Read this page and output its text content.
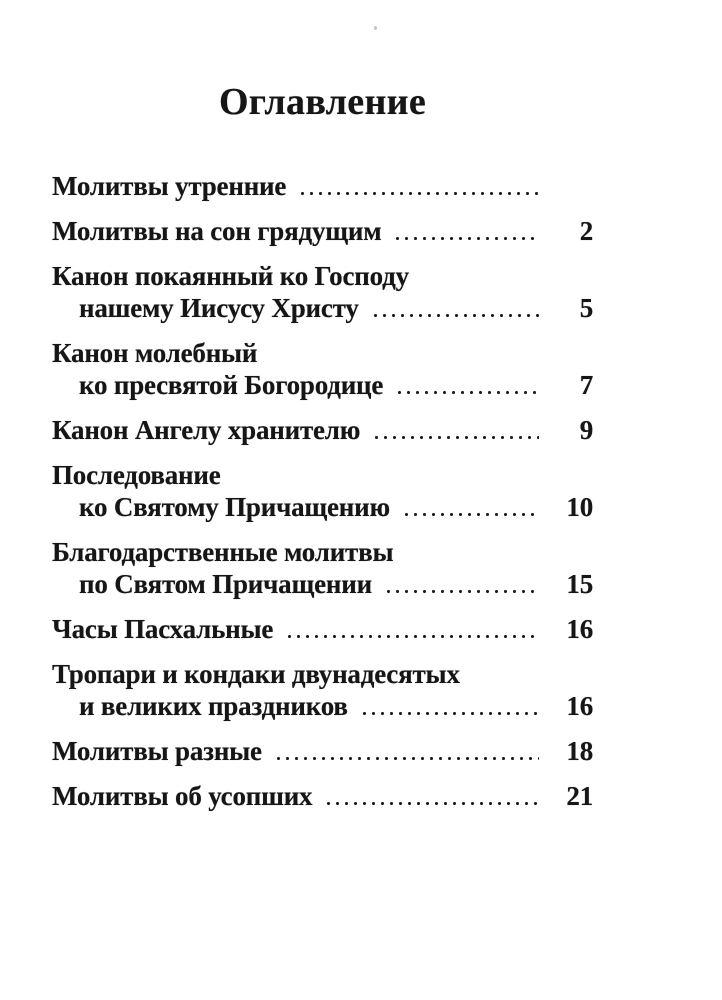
Оглавление
Молитвы утренние
Молитвы на сон грядущим	2
Канон покаянный ко Господу
нашему Иисусу Христу	5
Канон молебный
ко пресвятой Богородице	7
Канон Ангелу хранителю	9
Последование
ко Святому Причащению	10
Благодарственные молитвы
по Святом Причащении	15
Часы Пасхальные	16
Тропари и кондаки двунадесятых
и великих праздников	16
Молитвы разные	18
Молитвы об усопших	21
